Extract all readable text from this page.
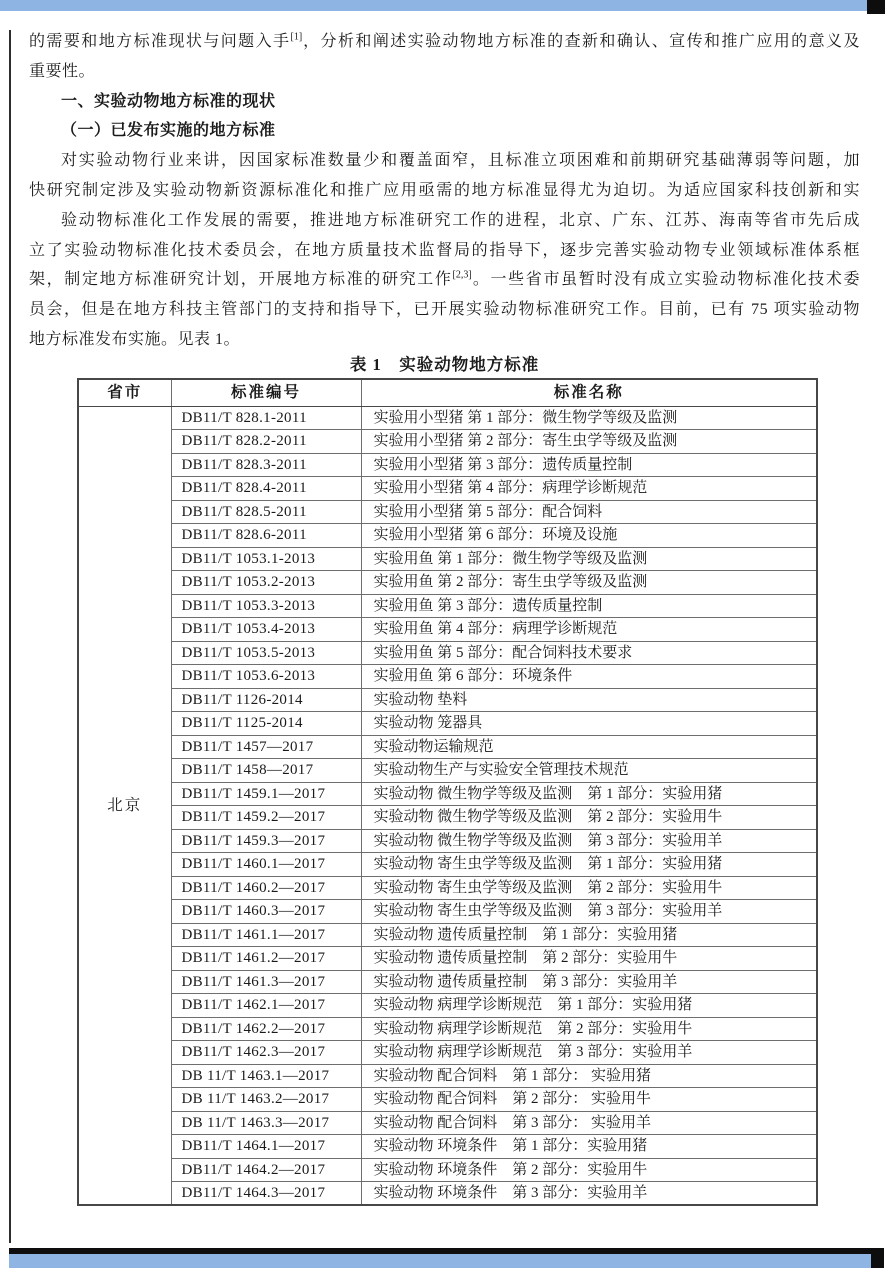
的需要和地方标准现状与问题入手[1]，分析和阐述实验动物地方标准的查新和确认、宣传和推广应用的意义及
重要性。
一、实验动物地方标准的现状
（一）已发布实施的地方标准
对实验动物行业来讲，因国家标准数量少和覆盖面窄，且标准立项困难和前期研究基础薄弱等问题，加
快研究制定涉及实验动物新资源标准化和推广应用亟需的地方标准显得尤为迫切。为适应国家科技创新和实
验动物标准化工作发展的需要，推进地方标准研究工作的进程，北京、广东、江苏、海南等省市先后成
立了实验动物标准化技术委员会，在地方质量技术监督局的指导下，逐步完善实验动物专业领域标准体系框
架，制定地方标准研究计划，开展地方标准的研究工作[2,3]。一些省市虽暂时没有成立实验动物标准化技术委
员会，但是在地方科技主管部门的支持和指导下，已开展实验动物标准研究工作。目前，已有 75 项实验动物
地方标准发布实施。见表 1。
表 1　实验动物地方标准
省市	标准编号	标准名称
北京	DB11/T 828.1-2011	实验用小型猪 第 1 部分：微生物学等级及监测
	DB11/T 828.2-2011	实验用小型猪 第 2 部分：寄生虫学等级及监测
	DB11/T 828.3-2011	实验用小型猪 第 3 部分：遗传质量控制
	DB11/T 828.4-2011	实验用小型猪 第 4 部分：病理学诊断规范
	DB11/T 828.5-2011	实验用小型猪 第 5 部分：配合饲料
	DB11/T 828.6-2011	实验用小型猪 第 6 部分：环境及设施
	DB11/T 1053.1-2013	实验用鱼 第 1 部分：微生物学等级及监测
	DB11/T 1053.2-2013	实验用鱼 第 2 部分：寄生虫学等级及监测
	DB11/T 1053.3-2013	实验用鱼 第 3 部分：遗传质量控制
	DB11/T 1053.4-2013	实验用鱼 第 4 部分：病理学诊断规范
	DB11/T 1053.5-2013	实验用鱼 第 5 部分：配合饲料技术要求
	DB11/T 1053.6-2013	实验用鱼 第 6 部分：环境条件
	DB11/T 1126-2014	实验动物 垫料
	DB11/T 1125-2014	实验动物 笼器具
	DB11/T 1457—2017	实验动物运输规范
	DB11/T 1458—2017	实验动物生产与实验安全管理技术规范
	DB11/T 1459.1—2017	实验动物 微生物学等级及监测　第 1 部分：实验用猪
	DB11/T 1459.2—2017	实验动物 微生物学等级及监测　第 2 部分：实验用牛
	DB11/T 1459.3—2017	实验动物 微生物学等级及监测　第 3 部分：实验用羊
	DB11/T 1460.1—2017	实验动物 寄生虫学等级及监测　第 1 部分：实验用猪
	DB11/T 1460.2—2017	实验动物 寄生虫学等级及监测　第 2 部分：实验用牛
	DB11/T 1460.3—2017	实验动物 寄生虫学等级及监测　第 3 部分：实验用羊
	DB11/T 1461.1—2017	实验动物 遗传质量控制　第 1 部分：实验用猪
	DB11/T 1461.2—2017	实验动物 遗传质量控制　第 2 部分：实验用牛
	DB11/T 1461.3—2017	实验动物 遗传质量控制　第 3 部分：实验用羊
	DB11/T 1462.1—2017	实验动物 病理学诊断规范　第 1 部分：实验用猪
	DB11/T 1462.2—2017	实验动物 病理学诊断规范　第 2 部分：实验用牛
	DB11/T 1462.3—2017	实验动物 病理学诊断规范　第 3 部分：实验用羊
	DB 11/T 1463.1—2017	实验动物 配合饲料　第 1 部分： 实验用猪
	DB 11/T 1463.2—2017	实验动物 配合饲料　第 2 部分： 实验用牛
	DB 11/T 1463.3—2017	实验动物 配合饲料　第 3 部分： 实验用羊
	DB11/T 1464.1—2017	实验动物 环境条件　第 1 部分：实验用猪
	DB11/T 1464.2—2017	实验动物 环境条件　第 2 部分：实验用牛
	DB11/T 1464.3—2017	实验动物 环境条件　第 3 部分：实验用羊
